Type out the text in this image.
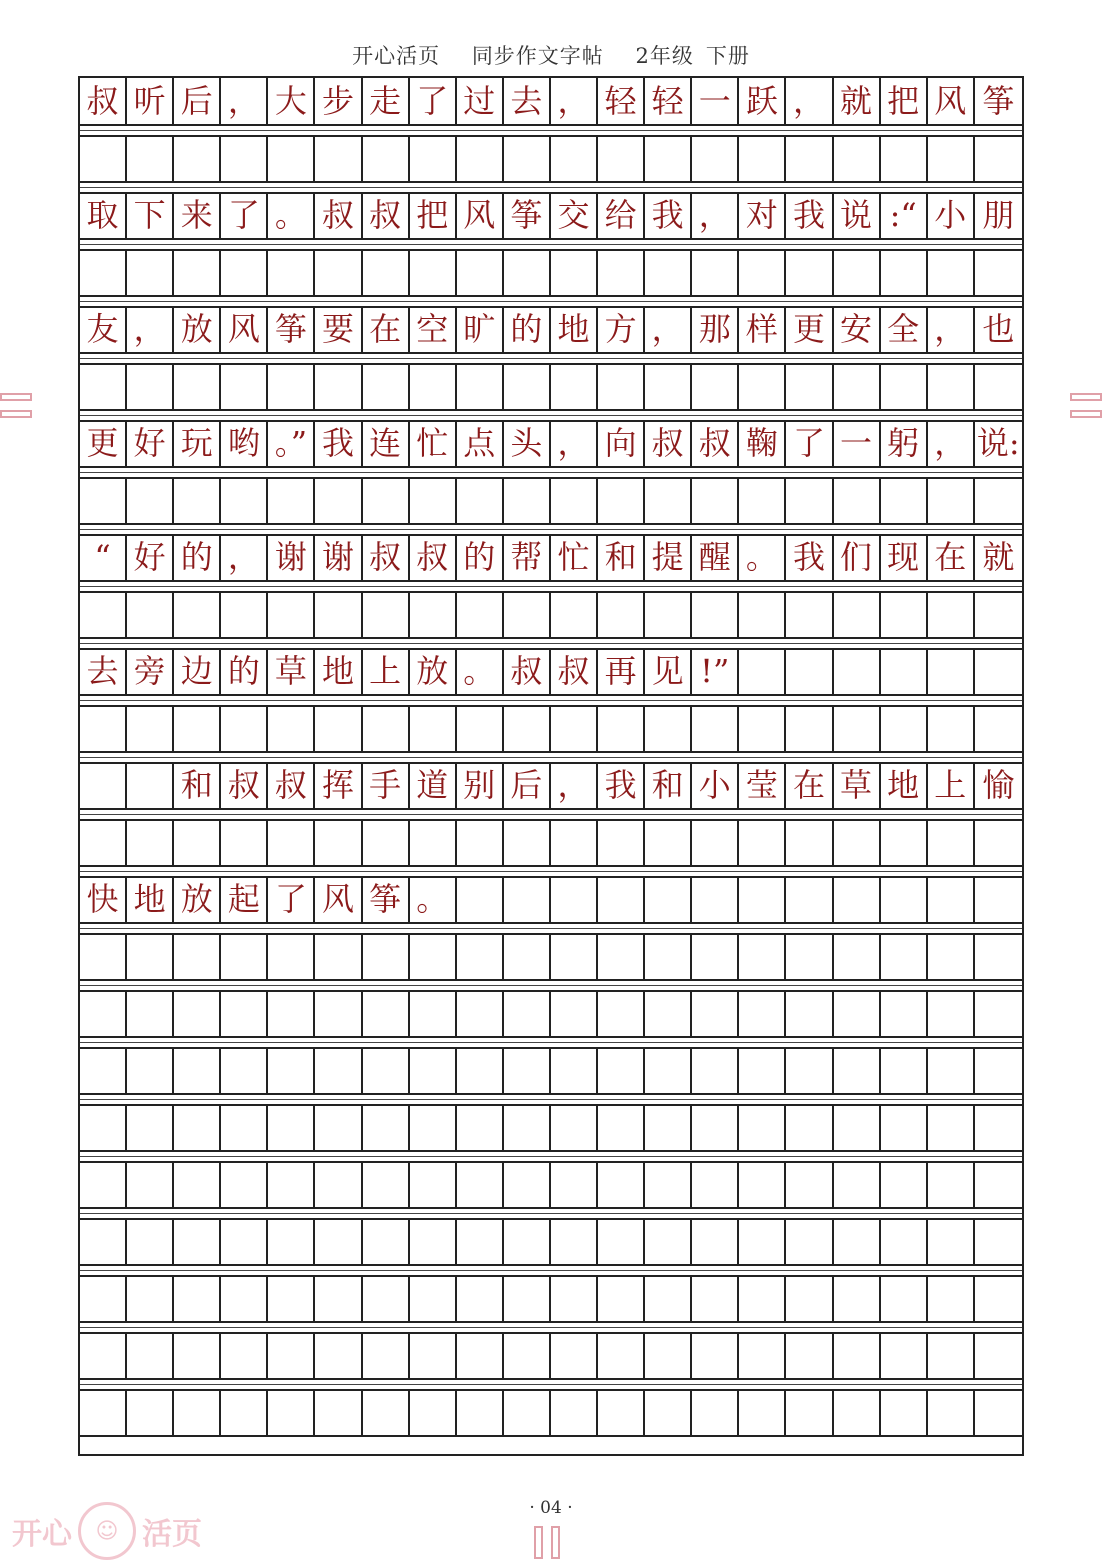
开心活页 同步作文字帖 2年级 下册
叔 听 后 ， 大 步 走 了 过 去 ， 轻 轻 一 跃 ， 就 把 风 筝
取 下 来 了 。 叔 叔 把 风 筝 交 给 我 ， 对 我 说 :“ 小 朋
友 ， 放 风 筝 要 在 空 旷 的 地 方 ， 那 样 更 安 全 ， 也
更 好 玩 哟 。” 我 连 忙 点 头 ， 向 叔 叔 鞠 了 一 躬 ， 说:
“ 好 的 ， 谢 谢 叔 叔 的 帮 忙 和 提 醒 。 我 们 现 在 就
去 旁 边 的 草 地 上 放 。 叔 叔 再 见 !”
和 叔 叔 挥 手 道 别 后 ， 我 和 小 莹 在 草 地 上 愉
快 地 放 起 了 风 筝 。
· 04 ·
开心	☺ 活页
